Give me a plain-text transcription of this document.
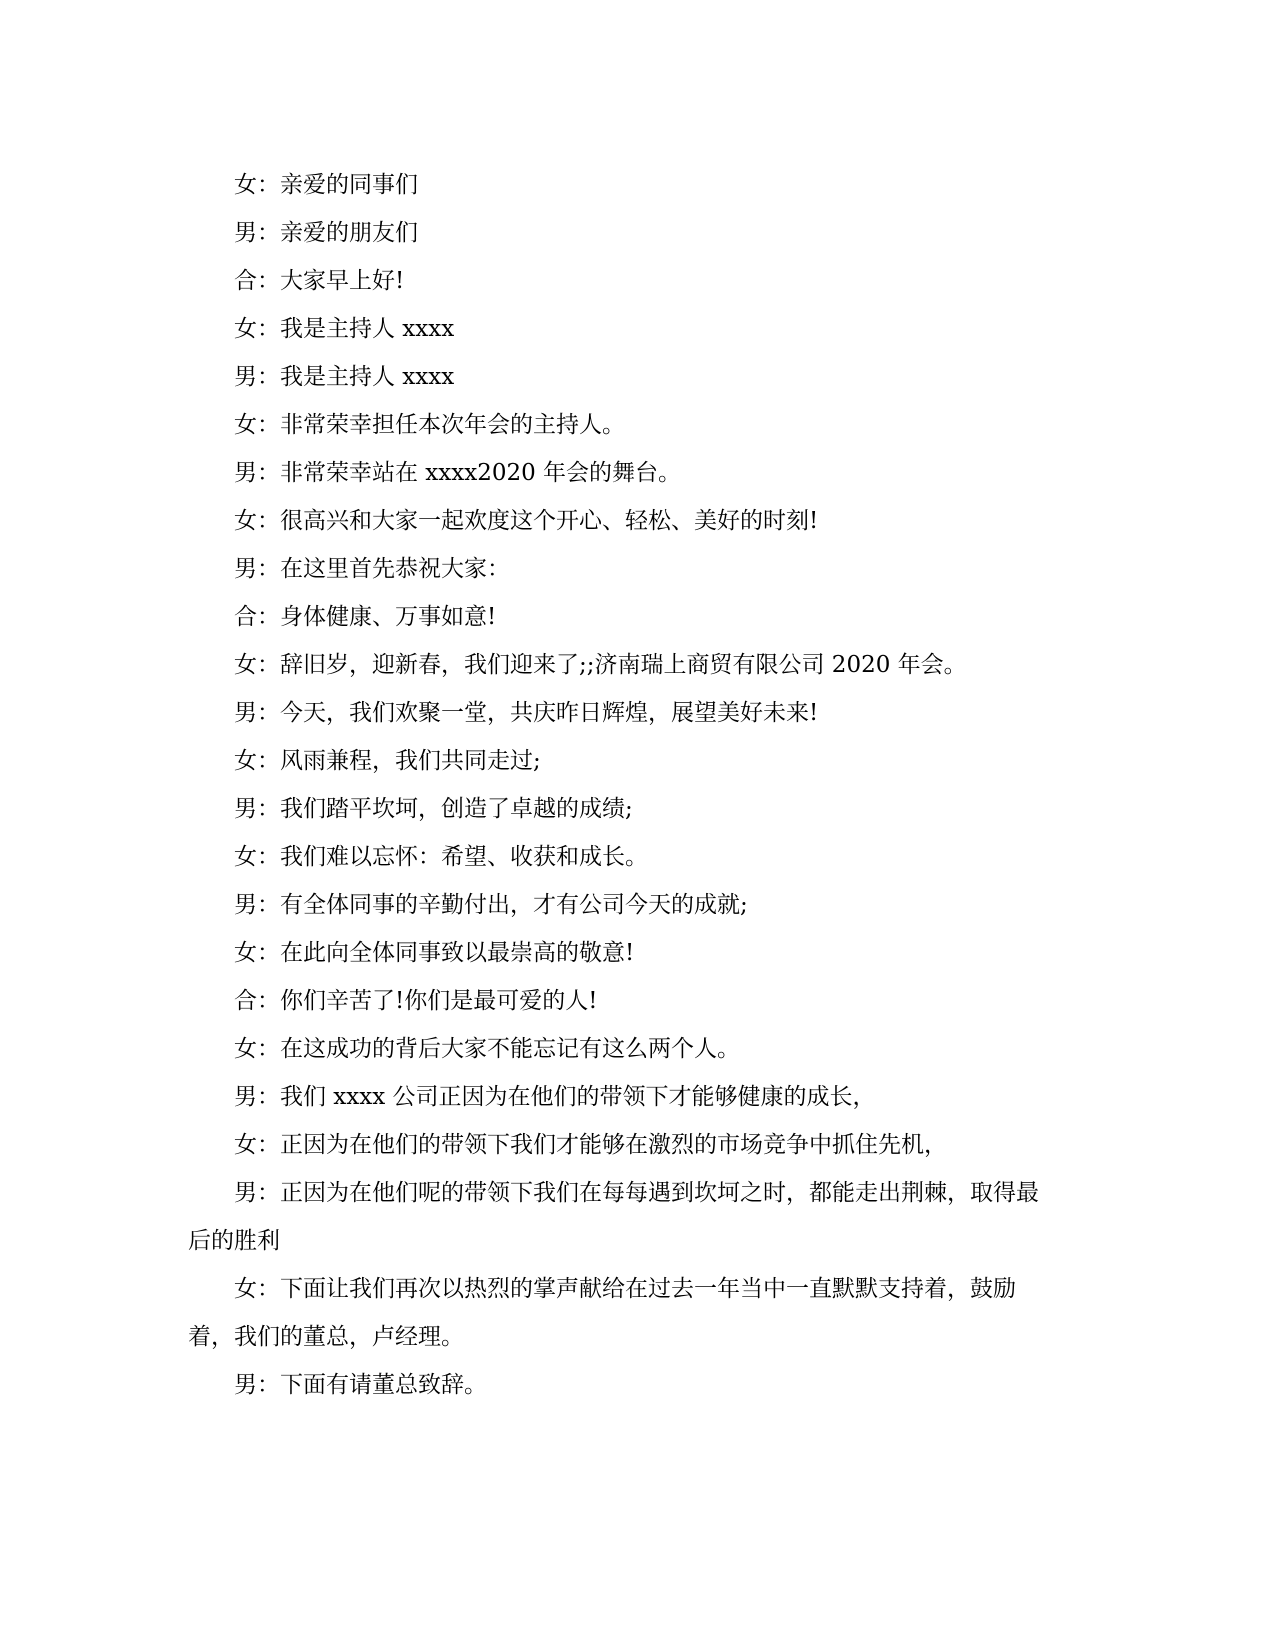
女：亲爱的同事们

男：亲爱的朋友们

合：大家早上好!

女：我是主持人 xxxx

男：我是主持人 xxxx

女：非常荣幸担任本次年会的主持人。

男：非常荣幸站在 xxxx2020 年会的舞台。

女：很高兴和大家一起欢度这个开心、轻松、美好的时刻!

男：在这里首先恭祝大家：

合：身体健康、万事如意!

女：辞旧岁，迎新春，我们迎来了;;济南瑞上商贸有限公司 2020 年会。

男：今天，我们欢聚一堂，共庆昨日辉煌，展望美好未来!

女：风雨兼程，我们共同走过;

男：我们踏平坎坷，创造了卓越的成绩;

女：我们难以忘怀：希望、收获和成长。

男：有全体同事的辛勤付出，才有公司今天的成就;

女：在此向全体同事致以最崇高的敬意!

合：你们辛苦了!你们是最可爱的人!

女：在这成功的背后大家不能忘记有这么两个人。

男：我们 xxxx 公司正因为在他们的带领下才能够健康的成长，

女：正因为在他们的带领下我们才能够在激烈的市场竞争中抓住先机，

男：正因为在他们呢的带领下我们在每每遇到坎坷之时，都能走出荆棘，取得最后的胜利

女：下面让我们再次以热烈的掌声献给在过去一年当中一直默默支持着，鼓励着，我们的董总，卢经理。

男：下面有请董总致辞。
